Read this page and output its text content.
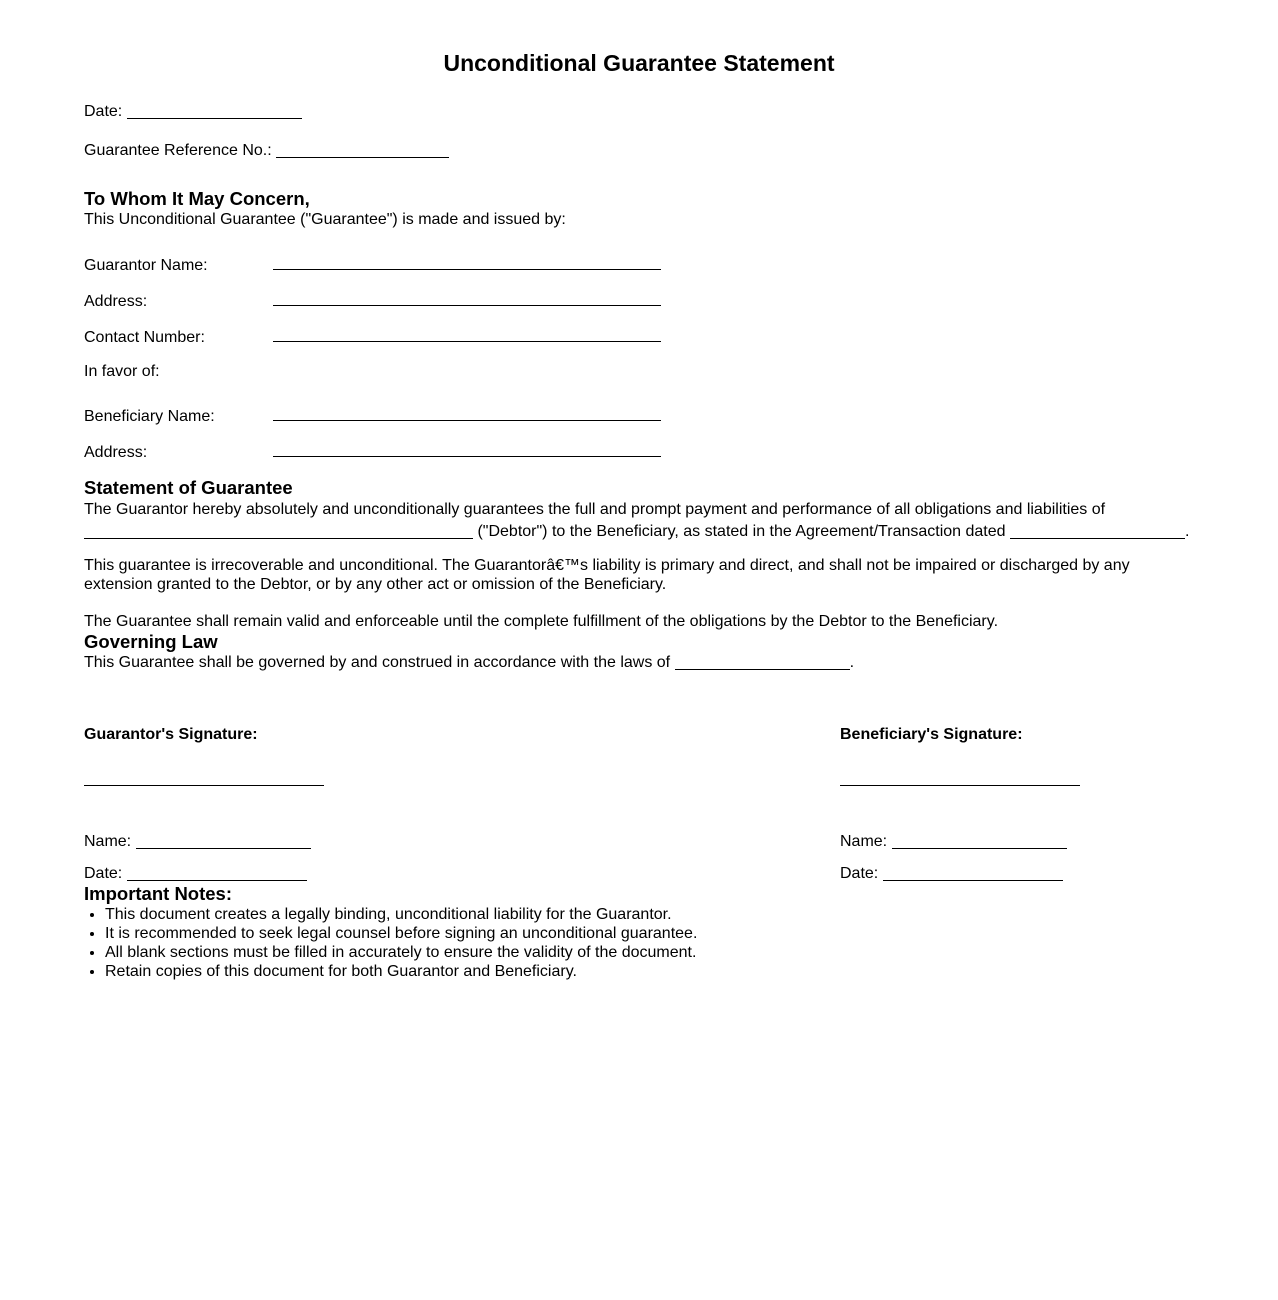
Unconditional Guarantee Statement

Date:

Guarantee Reference No.:

To Whom It May Concern,

This Unconditional Guarantee ("Guarantee") is made and issued by:

Guarantor Name:
Address:
Contact Number:
In favor of:
Beneficiary Name:
Address:
Statement of Guarantee

The Guarantor hereby absolutely and unconditionally guarantees the full and prompt payment and performance of all obligations and liabilities of  ("Debtor") to the Beneficiary, as stated in the Agreement/Transaction dated	.

This guarantee is irrecoverable and unconditional. The Guarantorâ€™s liability is primary and direct, and shall not be impaired or discharged by any extension granted to the Debtor, or by any other act or omission of the Beneficiary.

The Guarantee shall remain valid and enforceable until the complete fulfillment of the obligations by the Debtor to the Beneficiary.

Governing Law

This Guarantee shall be governed by and construed in accordance with the laws of	.

Guarantor's Signature:

Name:

Date:

Beneficiary's Signature:

Name:

Date:

Important Notes:
• This document creates a legally binding, unconditional liability for the Guarantor.
• It is recommended to seek legal counsel before signing an unconditional guarantee.
• All blank sections must be filled in accurately to ensure the validity of the document.
• Retain copies of this document for both Guarantor and Beneficiary.
